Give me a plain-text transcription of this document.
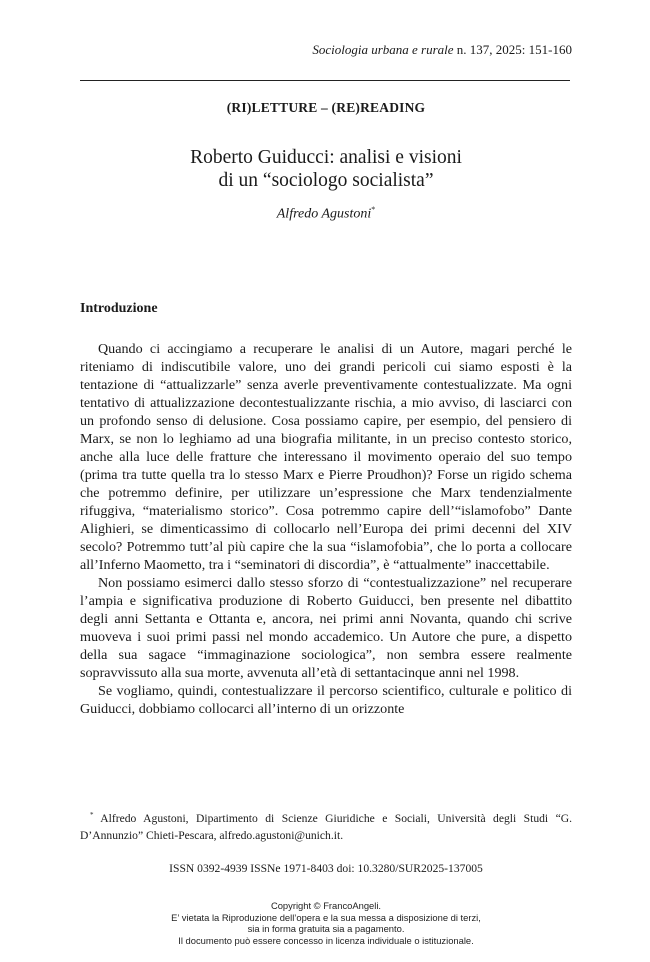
Sociologia urbana e rurale n. 137, 2025: 151-160
(RI)LETTURE – (RE)READING
Roberto Guiducci: analisi e visioni
di un “sociologo socialista”
Alfredo Agustoni*
Introduzione

Quando ci accingiamo a recuperare le analisi di un Autore, magari perché le riteniamo di indiscutibile valore, uno dei grandi pericoli cui siamo esposti è la tentazione di “attualizzarle” senza averle preventivamente contestualizzate. Ma ogni tentativo di attualizzazione decontestualizzante rischia, a mio avviso, di lasciarci con un profondo senso di delusione. Cosa possiamo capire, per esempio, del pensiero di Marx, se non lo leghiamo ad una biografia militante, in un preciso contesto storico, anche alla luce delle fratture che interessano il movimento operaio del suo tempo (prima tra tutte quella tra lo stesso Marx e Pierre Proudhon)? Forse un rigido schema che potremmo definire, per utilizzare un’espressione che Marx tendenzialmente rifuggiva, “materialismo storico”. Cosa potremmo capire dell’“islamofobo” Dante Alighieri, se dimenticassimo di collocarlo nell’Europa dei primi decenni del XIV secolo? Potremmo tutt’al più capire che la sua “islamofobia”, che lo porta a collocare all’Inferno Maometto, tra i “seminatori di discordia”, è “attualmente” inaccettabile.

Non possiamo esimerci dallo stesso sforzo di “contestualizzazione” nel recuperare l’ampia e significativa produzione di Roberto Guiducci, ben presente nel dibattito degli anni Settanta e Ottanta e, ancora, nei primi anni Novanta, quando chi scrive muoveva i suoi primi passi nel mondo accademico. Un Autore che pure, a dispetto della sua sagace “immaginazione sociologica”, non sembra essere realmente sopravvissuto alla sua morte, avvenuta all’età di settantacinque anni nel 1998.

Se vogliamo, quindi, contestualizzare il percorso scientifico, culturale e politico di Guiducci, dobbiamo collocarci all’interno di un orizzonte

* Alfredo Agustoni, Dipartimento di Scienze Giuridiche e Sociali, Università degli Studi “G. D’Annunzio” Chieti-Pescara, alfredo.agustoni@unich.it.
ISSN 0392-4939 ISSNe 1971-8403 doi: 10.3280/SUR2025-137005
Copyright © FrancoAngeli.
E’ vietata la Riproduzione dell’opera e la sua messa a disposizione di terzi,
sia in forma gratuita sia a pagamento.
Il documento può essere concesso in licenza individuale o istituzionale.
